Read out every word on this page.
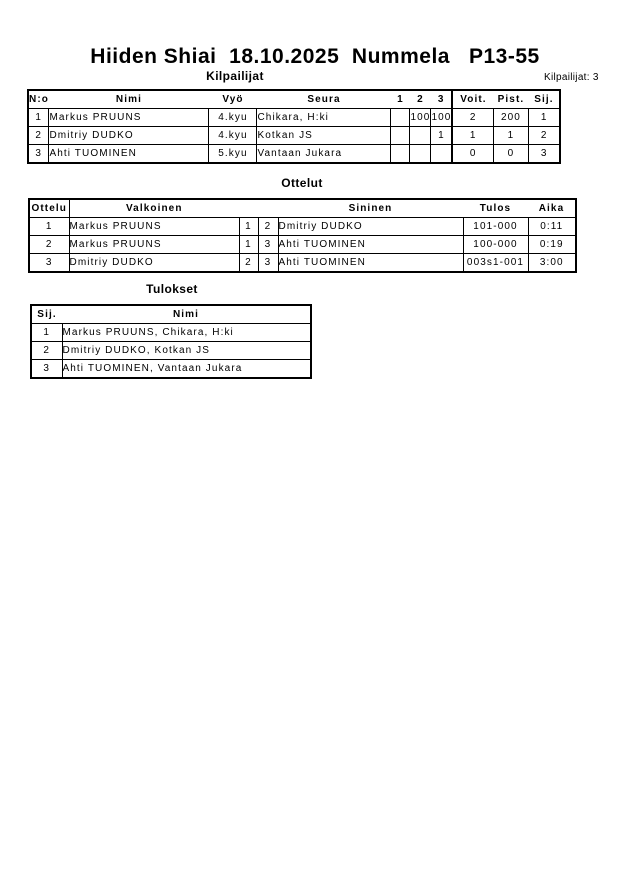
Hiiden Shiai  18.10.2025  Nummela   P13-55
Kilpailijat	Kilpailijat: 3
N:o	Nimi	Vyö	Seura	1	2	3	Voit.	Pist.	Sij.
1	Markus PRUUNS	4.kyu	Chikara, H:ki		100	100	2	200	1
2	Dmitriy DUDKO	4.kyu	Kotkan JS			1	1	1	2
3	Ahti TUOMINEN	5.kyu	Vantaan Jukara				0	0	3
Ottelut
Ottelu	Valkoinen			Sininen	Tulos	Aika
1	Markus PRUUNS	1	2	Dmitriy DUDKO	101-000	0:11
2	Markus PRUUNS	1	3	Ahti TUOMINEN	100-000	0:19
3	Dmitriy DUDKO	2	3	Ahti TUOMINEN	003s1-001	3:00
Tulokset
Sij.	Nimi
1	Markus PRUUNS, Chikara, H:ki
2	Dmitriy DUDKO, Kotkan JS
3	Ahti TUOMINEN, Vantaan Jukara
